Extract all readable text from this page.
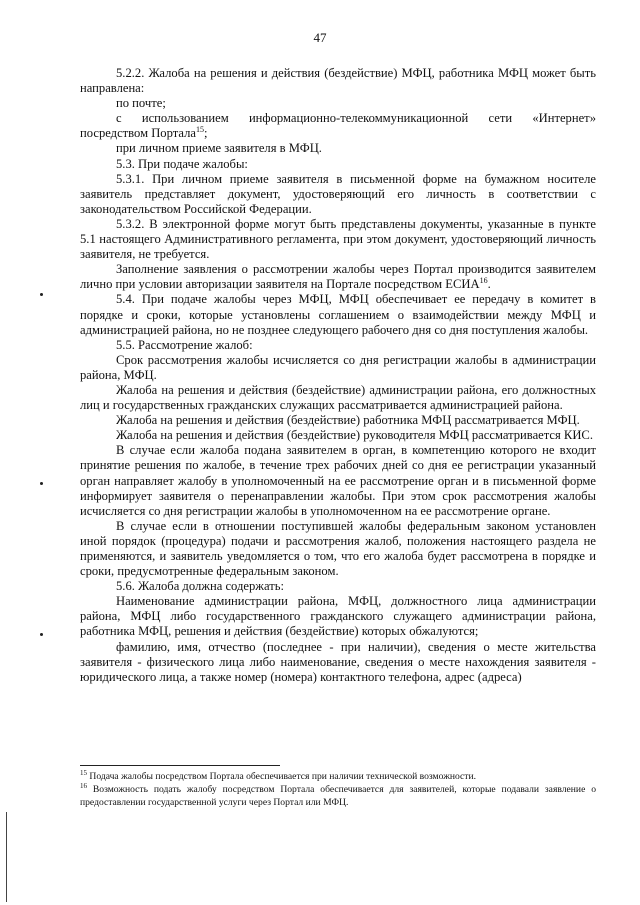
47

5.2.2. Жалоба на решения и действия (бездействие) МФЦ, работника МФЦ может быть направлена:

по почте;

с использованием информационно-телекоммуникационной сети «Интернет» посредством Портала$^{15}$;

при личном приеме заявителя в МФЦ.

5.3. При подаче жалобы:

5.3.1. При личном приеме заявителя в письменной форме на бумажном носителе заявитель представляет документ, удостоверяющий его личность в соответствии с законодательством Российской Федерации.

5.3.2. В электронной форме могут быть представлены документы, указанные в пункте 5.1 настоящего Административного регламента, при этом документ, удостоверяющий личность заявителя, не требуется.

Заполнение заявления о рассмотрении жалобы через Портал производится заявителем лично при условии авторизации заявителя на Портале посредством ЕСИА$^{16}$.

5.4. При подаче жалобы через МФЦ, МФЦ обеспечивает ее передачу в комитет в порядке и сроки, которые установлены соглашением о взаимодействии между МФЦ и администрацией района, но не позднее следующего рабочего дня со дня поступления жалобы.

5.5. Рассмотрение жалоб:

Срок рассмотрения жалобы исчисляется со дня регистрации жалобы в администрации района, МФЦ.

Жалоба на решения и действия (бездействие) администрации района, его должностных лиц и государственных гражданских служащих рассматривается администрацией района.

Жалоба на решения и действия (бездействие) работника МФЦ рассматривается МФЦ.

Жалоба на решения и действия (бездействие) руководителя МФЦ рассматривается КИС.

В случае если жалоба подана заявителем в орган, в компетенцию которого не входит принятие решения по жалобе, в течение трех рабочих дней со дня ее регистрации указанный орган направляет жалобу в уполномоченный на ее рассмотрение орган и в письменной форме информирует заявителя о перенаправлении жалобы. При этом срок рассмотрения жалобы исчисляется со дня регистрации жалобы в уполномоченном на ее рассмотрение органе.

В случае если в отношении поступившей жалобы федеральным законом установлен иной порядок (процедура) подачи и рассмотрения жалоб, положения настоящего раздела не применяются, и заявитель уведомляется о том, что его жалоба будет рассмотрена в порядке и сроки, предусмотренные федеральным законом.

5.6. Жалоба должна содержать:

Наименование администрации района, МФЦ, должностного лица администрации района, МФЦ либо государственного гражданского служащего администрации района, работника МФЦ, решения и действия (бездействие) которых обжалуются;

фамилию, имя, отчество (последнее - при наличии), сведения о месте жительства заявителя - физического лица либо наименование, сведения о месте нахождения заявителя - юридического лица, а также номер (номера) контактного телефона, адрес (адреса)

$^{15}$ Подача жалобы посредством Портала обеспечивается при наличии технической возможности.

$^{16}$ Возможность подать жалобу посредством Портала обеспечивается для заявителей, которые подавали заявление о предоставлении государственной услуги через Портал или МФЦ.
